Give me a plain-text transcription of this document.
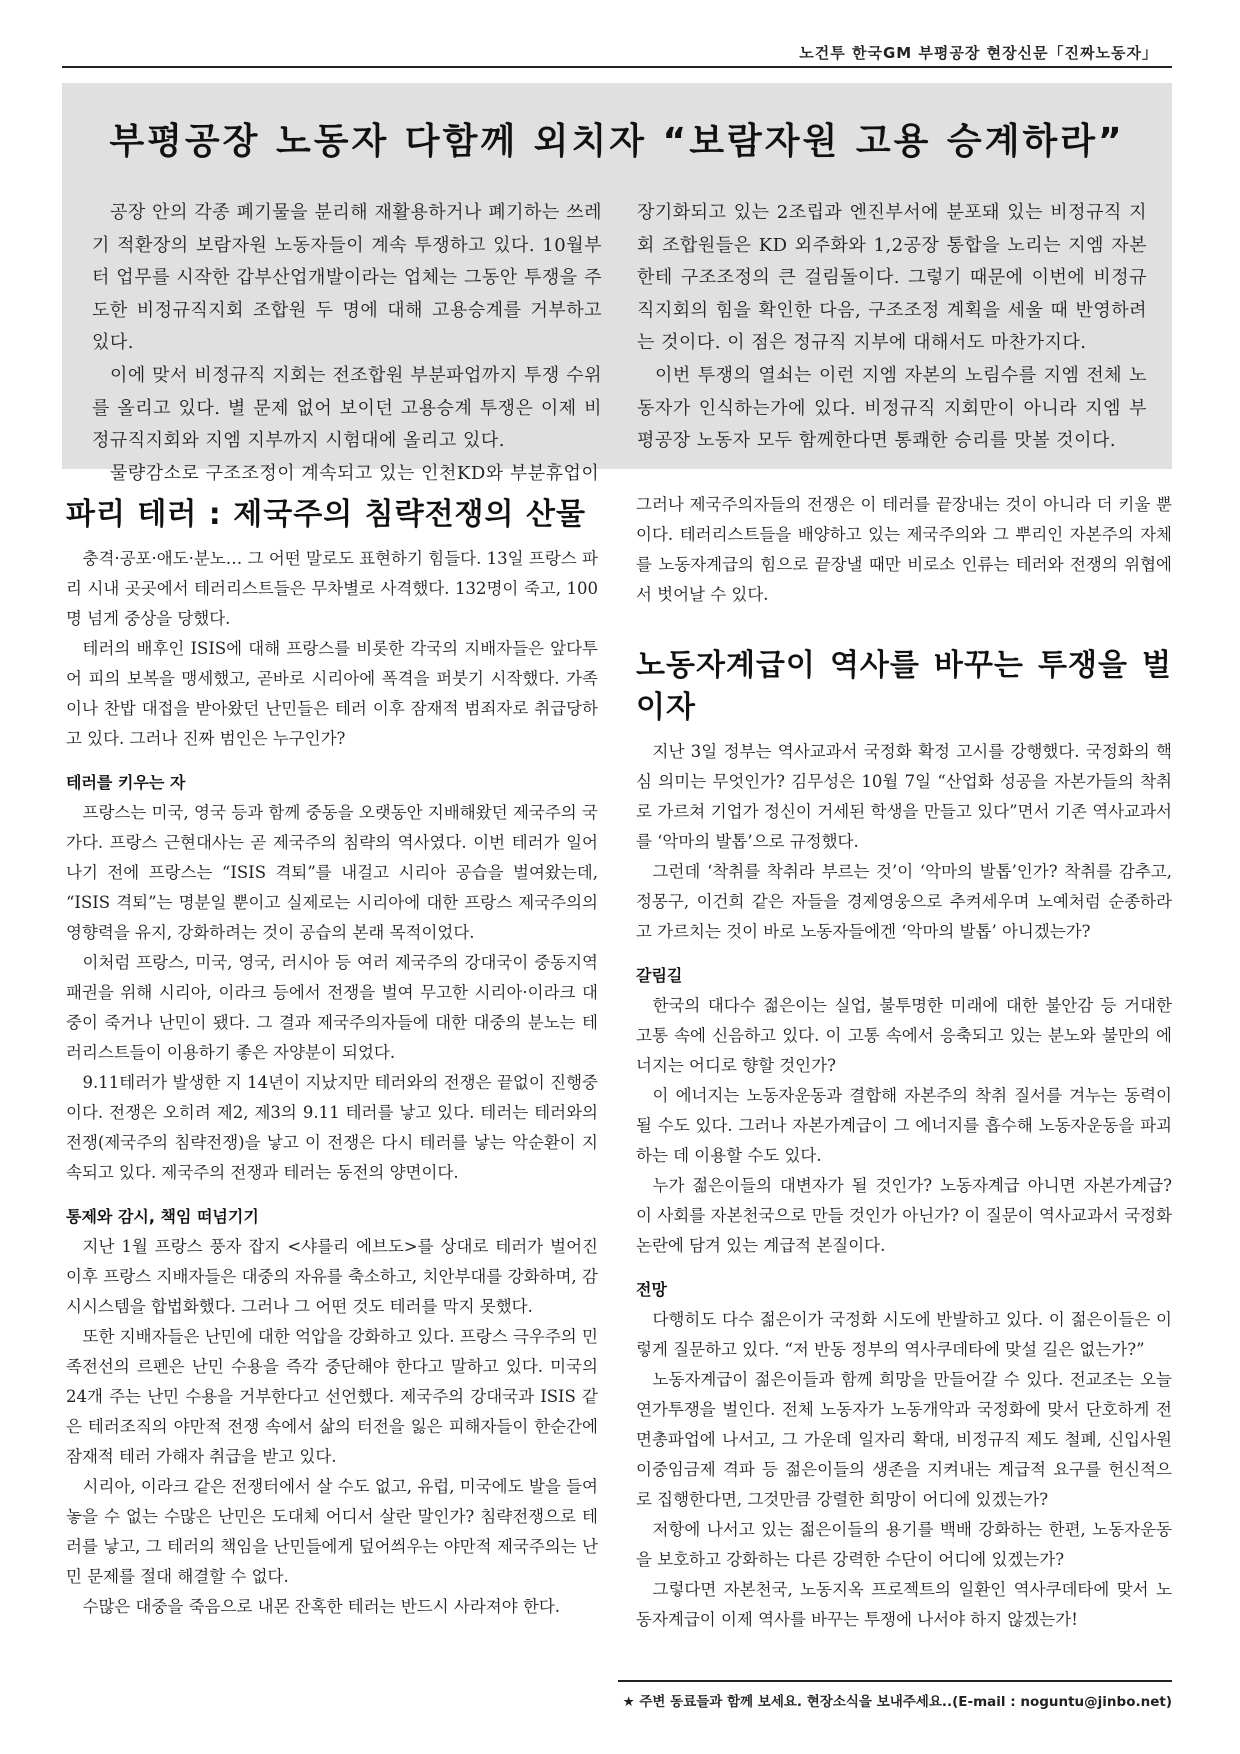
노건투 한국GM 부평공장 현장신문「진짜노동자」
부평공장 노동자 다함께 외치자 “보람자원 고용 승계하라”

공장 안의 각종 폐기물을 분리해 재활용하거나 폐기하는 쓰레기 적환장의 보람자원 노동자들이 계속 투쟁하고 있다. 10월부터 업무를 시작한 갑부산업개발이라는 업체는 그동안 투쟁을 주도한 비정규직지회 조합원 두 명에 대해 고용승계를 거부하고 있다.

이에 맞서 비정규직 지회는 전조합원 부분파업까지 투쟁 수위를 올리고 있다. 별 문제 없어 보이던 고용승계 투쟁은 이제 비정규직지회와 지엠 지부까지 시험대에 올리고 있다.

물량감소로 구조조정이 계속되고 있는 인천KD와 부분휴업이

장기화되고 있는 2조립과 엔진부서에 분포돼 있는 비정규직 지회 조합원들은 KD 외주화와 1,2공장 통합을 노리는 지엠 자본한테 구조조정의 큰 걸림돌이다. 그렇기 때문에 이번에 비정규직지회의 힘을 확인한 다음, 구조조정 계획을 세울 때 반영하려는 것이다. 이 점은 정규직 지부에 대해서도 마찬가지다.

이번 투쟁의 열쇠는 이런 지엠 자본의 노림수를 지엠 전체 노동자가 인식하는가에 있다. 비정규직 지회만이 아니라 지엠 부평공장 노동자 모두 함께한다면 통쾌한 승리를 맛볼 것이다.

파리 테러 : 제국주의 침략전쟁의 산물

충격·공포·애도·분노… 그 어떤 말로도 표현하기 힘들다. 13일 프랑스 파리 시내 곳곳에서 테러리스트들은 무차별로 사격했다. 132명이 죽고, 100명 넘게 중상을 당했다.

테러의 배후인 ISIS에 대해 프랑스를 비롯한 각국의 지배자들은 앞다투어 피의 보복을 맹세했고, 곧바로 시리아에 폭격을 퍼붓기 시작했다. 가족이나 찬밥 대접을 받아왔던 난민들은 테러 이후 잠재적 범죄자로 취급당하고 있다. 그러나 진짜 범인은 누구인가?

테러를 키우는 자

프랑스는 미국, 영국 등과 함께 중동을 오랫동안 지배해왔던 제국주의 국가다. 프랑스 근현대사는 곧 제국주의 침략의 역사였다. 이번 테러가 일어나기 전에 프랑스는 “ISIS 격퇴”를 내걸고 시리아 공습을 벌여왔는데, “ISIS 격퇴”는 명분일 뿐이고 실제로는 시리아에 대한 프랑스 제국주의의 영향력을 유지, 강화하려는 것이 공습의 본래 목적이었다.

이처럼 프랑스, 미국, 영국, 러시아 등 여러 제국주의 강대국이 중동지역 패권을 위해 시리아, 이라크 등에서 전쟁을 벌여 무고한 시리아·이라크 대중이 죽거나 난민이 됐다. 그 결과 제국주의자들에 대한 대중의 분노는 테러리스트들이 이용하기 좋은 자양분이 되었다.

9.11테러가 발생한 지 14년이 지났지만 테러와의 전쟁은 끝없이 진행중이다. 전쟁은 오히려 제2, 제3의 9.11 테러를 낳고 있다. 테러는 테러와의 전쟁(제국주의 침략전쟁)을 낳고 이 전쟁은 다시 테러를 낳는 악순환이 지속되고 있다. 제국주의 전쟁과 테러는 동전의 양면이다.

통제와 감시, 책임 떠넘기기

지난 1월 프랑스 풍자 잡지 <샤를리 에브도>를 상대로 테러가 벌어진 이후 프랑스 지배자들은 대중의 자유를 축소하고, 치안부대를 강화하며, 감시시스템을 합법화했다. 그러나 그 어떤 것도 테러를 막지 못했다.

또한 지배자들은 난민에 대한 억압을 강화하고 있다. 프랑스 극우주의 민족전선의 르펜은 난민 수용을 즉각 중단해야 한다고 말하고 있다. 미국의 24개 주는 난민 수용을 거부한다고 선언했다. 제국주의 강대국과 ISIS 같은 테러조직의 야만적 전쟁 속에서 삶의 터전을 잃은 피해자들이 한순간에 잠재적 테러 가해자 취급을 받고 있다.

시리아, 이라크 같은 전쟁터에서 살 수도 없고, 유럽, 미국에도 발을 들여놓을 수 없는 수많은 난민은 도대체 어디서 살란 말인가? 침략전쟁으로 테러를 낳고, 그 테러의 책임을 난민들에게 덮어씌우는 야만적 제국주의는 난민 문제를 절대 해결할 수 없다.

수많은 대중을 죽음으로 내몬 잔혹한 테러는 반드시 사라져야 한다.

그러나 제국주의자들의 전쟁은 이 테러를 끝장내는 것이 아니라 더 키울 뿐이다. 테러리스트들을 배양하고 있는 제국주의와 그 뿌리인 자본주의 자체를 노동자계급의 힘으로 끝장낼 때만 비로소 인류는 테러와 전쟁의 위협에서 벗어날 수 있다.

노동자계급이 역사를 바꾸는 투쟁을 벌이자

지난 3일 정부는 역사교과서 국정화 확정 고시를 강행했다. 국정화의 핵심 의미는 무엇인가? 김무성은 10월 7일 “산업화 성공을 자본가들의 착취로 가르쳐 기업가 정신이 거세된 학생을 만들고 있다”면서 기존 역사교과서를 ‘악마의 발톱’으로 규정했다.

그런데 ‘착취를 착취라 부르는 것’이 ‘악마의 발톱’인가? 착취를 감추고, 정몽구, 이건희 같은 자들을 경제영웅으로 추켜세우며 노예처럼 순종하라고 가르치는 것이 바로 노동자들에겐 ‘악마의 발톱’ 아니겠는가?

갈림길

한국의 대다수 젊은이는 실업, 불투명한 미래에 대한 불안감 등 거대한 고통 속에 신음하고 있다. 이 고통 속에서 응축되고 있는 분노와 불만의 에너지는 어디로 향할 것인가?

이 에너지는 노동자운동과 결합해 자본주의 착취 질서를 겨누는 동력이 될 수도 있다. 그러나 자본가계급이 그 에너지를 흡수해 노동자운동을 파괴하는 데 이용할 수도 있다.

누가 젊은이들의 대변자가 될 것인가? 노동자계급 아니면 자본가계급? 이 사회를 자본천국으로 만들 것인가 아닌가? 이 질문이 역사교과서 국정화 논란에 담겨 있는 계급적 본질이다.

전망

다행히도 다수 젊은이가 국정화 시도에 반발하고 있다. 이 젊은이들은 이렇게 질문하고 있다. “저 반동 정부의 역사쿠데타에 맞설 길은 없는가?”

노동자계급이 젊은이들과 함께 희망을 만들어갈 수 있다. 전교조는 오늘 연가투쟁을 벌인다. 전체 노동자가 노동개악과 국정화에 맞서 단호하게 전면총파업에 나서고, 그 가운데 일자리 확대, 비정규직 제도 철폐, 신입사원 이중임금제 격파 등 젊은이들의 생존을 지켜내는 계급적 요구를 헌신적으로 집행한다면, 그것만큼 강렬한 희망이 어디에 있겠는가?

저항에 나서고 있는 젊은이들의 용기를 백배 강화하는 한편, 노동자운동을 보호하고 강화하는 다른 강력한 수단이 어디에 있겠는가?

그렇다면 자본천국, 노동지옥 프로젝트의 일환인 역사쿠데타에 맞서 노동자계급이 이제 역사를 바꾸는 투쟁에 나서야 하지 않겠는가!

★ 주변 동료들과 함께 보세요. 현장소식을 보내주세요..(E-mail : noguntu@jinbo.net)
